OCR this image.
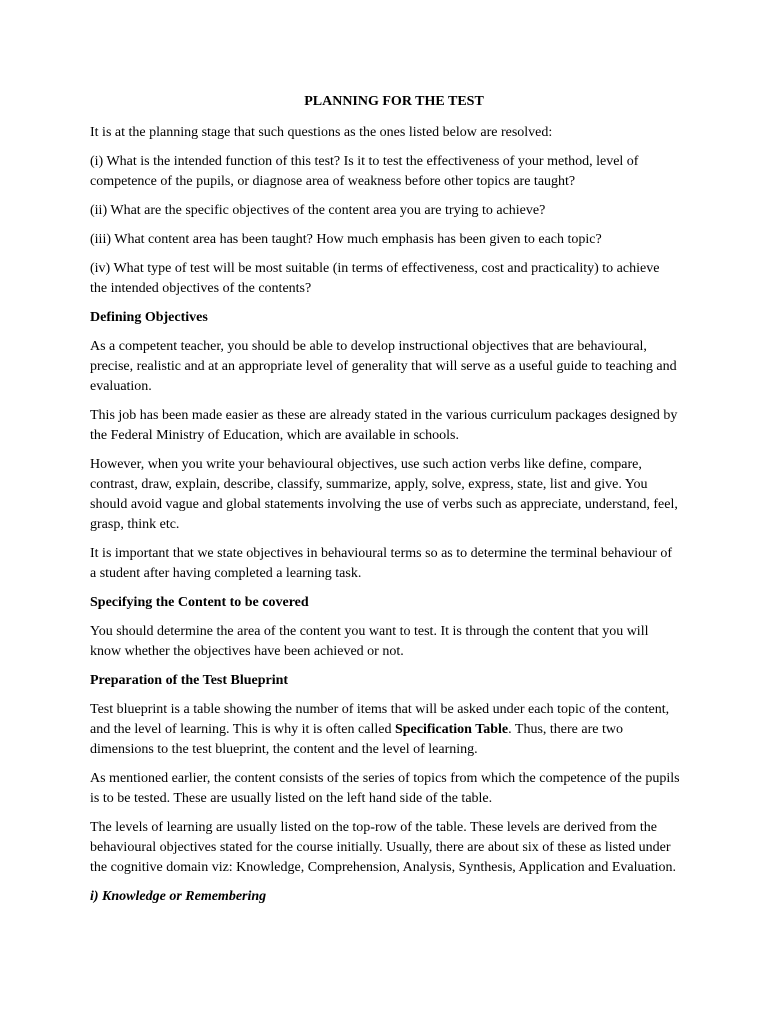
PLANNING FOR THE TEST

It is at the planning stage that such questions as the ones listed below are resolved:

(i) What is the intended function of this test? Is it to test the effectiveness of your method, level of competence of the pupils, or diagnose area of weakness before other topics are taught?

(ii) What are the specific objectives of the content area you are trying to achieve?

(iii) What content area has been taught? How much emphasis has been given to each topic?

(iv) What type of test will be most suitable (in terms of effectiveness, cost and practicality) to achieve the intended objectives of the contents?

Defining Objectives

As a competent teacher, you should be able to develop instructional objectives that are behavioural, precise, realistic and at an appropriate level of generality that will serve as a useful guide to teaching and evaluation.

This job has been made easier as these are already stated in the various curriculum packages designed by the Federal Ministry of Education, which are available in schools.

However, when you write your behavioural objectives, use such action verbs like define, compare, contrast, draw, explain, describe, classify, summarize, apply, solve, express, state, list and give. You should avoid vague and global statements involving the use of verbs such as appreciate, understand, feel, grasp, think etc.

It is important that we state objectives in behavioural terms so as to determine the terminal behaviour of a student after having completed a learning task.

Specifying the Content to be covered

You should determine the area of the content you want to test. It is through the content that you will know whether the objectives have been achieved or not.

Preparation of the Test Blueprint

Test blueprint is a table showing the number of items that will be asked under each topic of the content, and the level of learning. This is why it is often called Specification Table. Thus, there are two dimensions to the test blueprint, the content and the level of learning.

As mentioned earlier, the content consists of the series of topics from which the competence of the pupils is to be tested. These are usually listed on the left hand side of the table.

The levels of learning are usually listed on the top-row of the table. These levels are derived from the behavioural objectives stated for the course initially. Usually, there are about six of these as listed under the cognitive domain viz: Knowledge, Comprehension, Analysis, Synthesis, Application and Evaluation.

i) Knowledge or Remembering
